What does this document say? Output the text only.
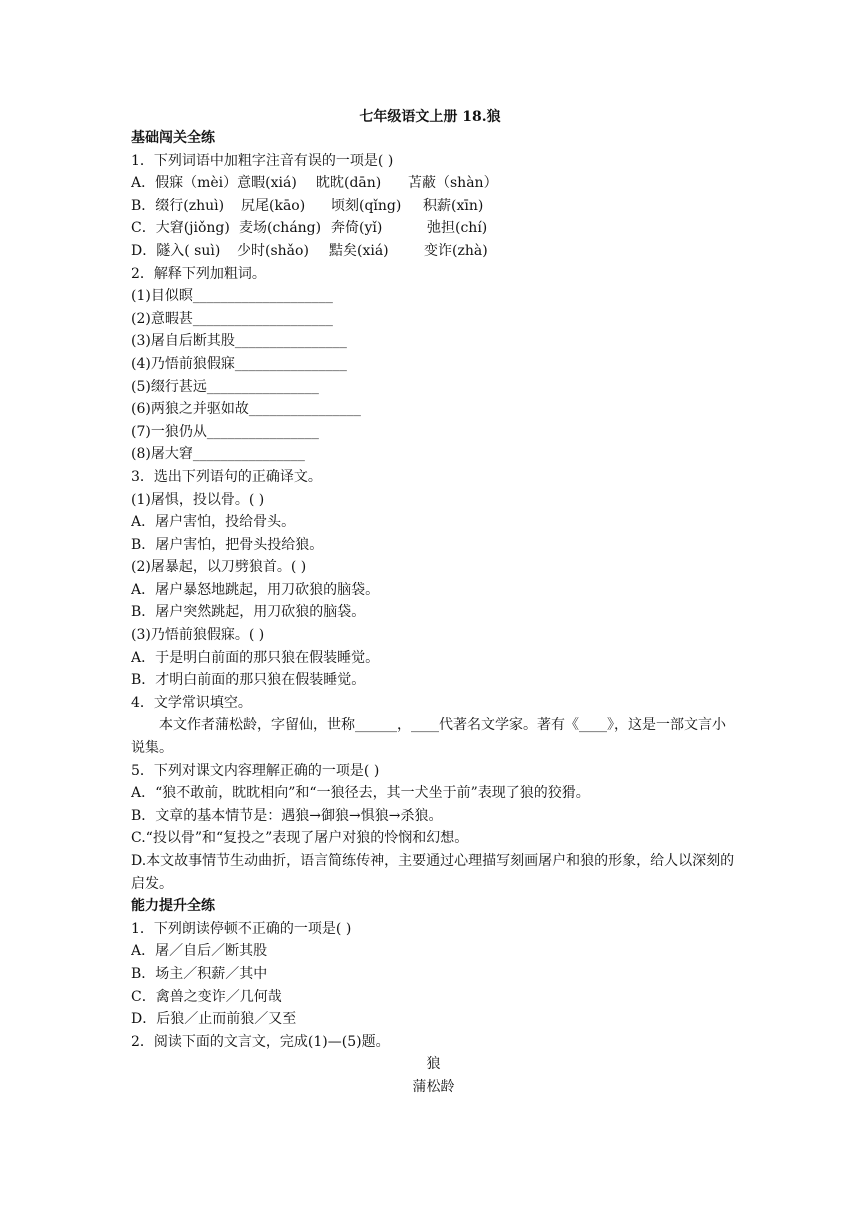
七年级语文上册 18.狼
基础闯关全练
1．下列词语中加粗字注音有误的一项是( )
A．假寐（mèi）意暇(xiá) 眈眈(dān) 苫蔽（shàn）
B．缀行(zhuì) 尻尾(kāo) 顷刻(qǐng) 积薪(xīn)
C．大窘(jiǒng) 麦场(cháng) 奔倚(yǐ)	弛担(chí)
D．隧入( suì) 少时(shǎo) 黠矣(xiá)	变诈(zhà)
2．解释下列加粗词。
(1)目似瞑____________________
(2)意暇甚____________________
(3)屠自后断其股________________
(4)乃悟前狼假寐________________
(5)缀行甚远________________
(6)两狼之并驱如故________________
(7)一狼仍从________________
(8)屠大窘________________
3．选出下列语句的正确译文。
(1)屠惧，投以骨。( )
A．屠户害怕，投给骨头。
B．屠户害怕，把骨头投给狼。
(2)屠暴起，以刀劈狼首。( )
A．屠户暴怒地跳起，用刀砍狼的脑袋。
B．屠户突然跳起，用刀砍狼的脑袋。
(3)乃悟前狼假寐。( )
A．于是明白前面的那只狼在假装睡觉。
B．才明白前面的那只狼在假装睡觉。
4．文学常识填空。
本文作者蒲松龄，字留仙，世称______，____代著名文学家。著有《____》，这是一部文言小说集。
5．下列对课文内容理解正确的一项是( )
A．“狼不敢前，眈眈相向”和“一狼径去，其一犬坐于前”表现了狼的狡猾。
B．文章的基本情节是：遇狼→御狼→惧狼→杀狼。
C.“投以骨”和“复投之”表现了屠户对狼的怜悯和幻想。
D.本文故事情节生动曲折，语言简练传神，主要通过心理描写刻画屠户和狼的形象，给人以深刻的启发。
能力提升全练
1．下列朗读停顿不正确的一项是( )
A．屠／自后／断其股
B．场主／积薪／其中
C．禽兽之变诈／几何哉
D．后狼／止而前狼／又至
2．阅读下面的文言文，完成(1)—(5)题。
狼
蒲松龄
